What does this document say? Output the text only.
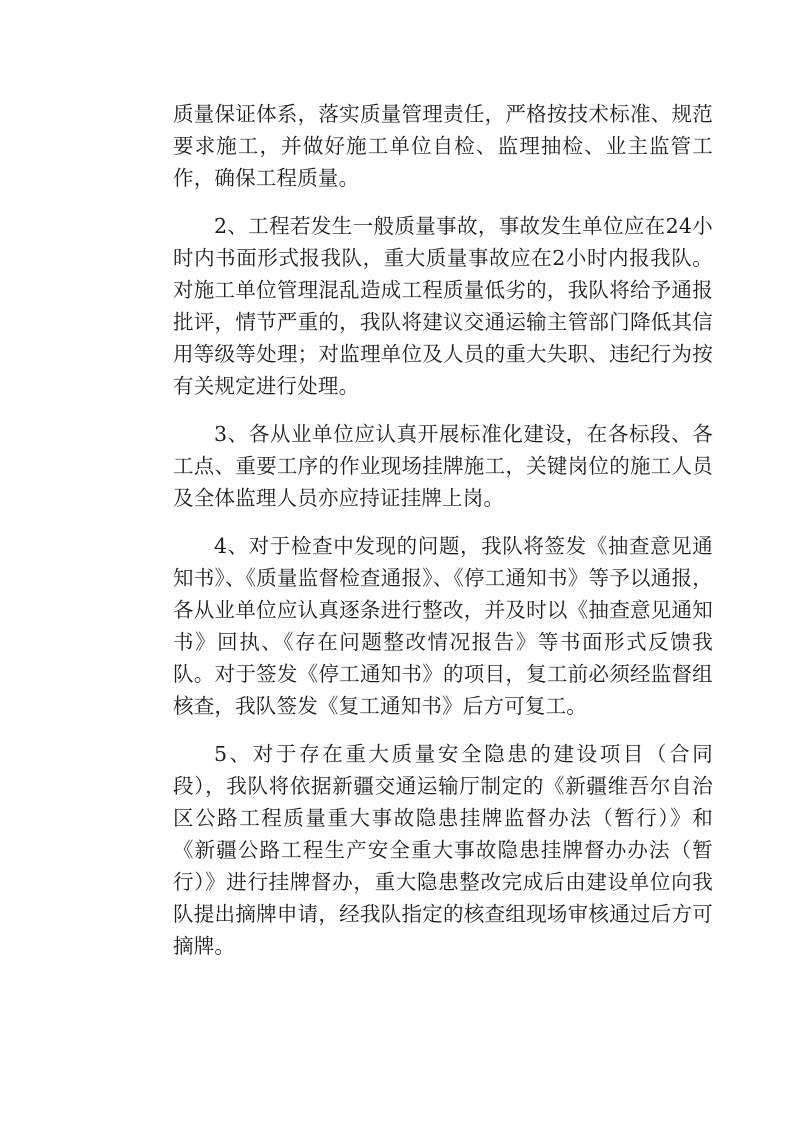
质量保证体系，落实质量管理责任，严格按技术标准、规范要求施工，并做好施工单位自检、监理抽检、业主监管工作，确保工程质量。

2、工程若发生一般质量事故，事故发生单位应在24小时内书面形式报我队，重大质量事故应在2小时内报我队。对施工单位管理混乱造成工程质量低劣的，我队将给予通报批评，情节严重的，我队将建议交通运输主管部门降低其信用等级等处理；对监理单位及人员的重大失职、违纪行为按有关规定进行处理。

3、各从业单位应认真开展标准化建设，在各标段、各工点、重要工序的作业现场挂牌施工，关键岗位的施工人员及全体监理人员亦应持证挂牌上岗。

4、对于检查中发现的问题，我队将签发《抽查意见通知书》、《质量监督检查通报》、《停工通知书》等予以通报，各从业单位应认真逐条进行整改，并及时以《抽查意见通知书》回执、《存在问题整改情况报告》等书面形式反馈我队。对于签发《停工通知书》的项目，复工前必须经监督组核查，我队签发《复工通知书》后方可复工。

5、对于存在重大质量安全隐患的建设项目（合同段），我队将依据新疆交通运输厅制定的《新疆维吾尔自治区公路工程质量重大事故隐患挂牌监督办法（暂行）》和《新疆公路工程生产安全重大事故隐患挂牌督办办法（暂行）》进行挂牌督办，重大隐患整改完成后由建设单位向我队提出摘牌申请，经我队指定的核查组现场审核通过后方可摘牌。
